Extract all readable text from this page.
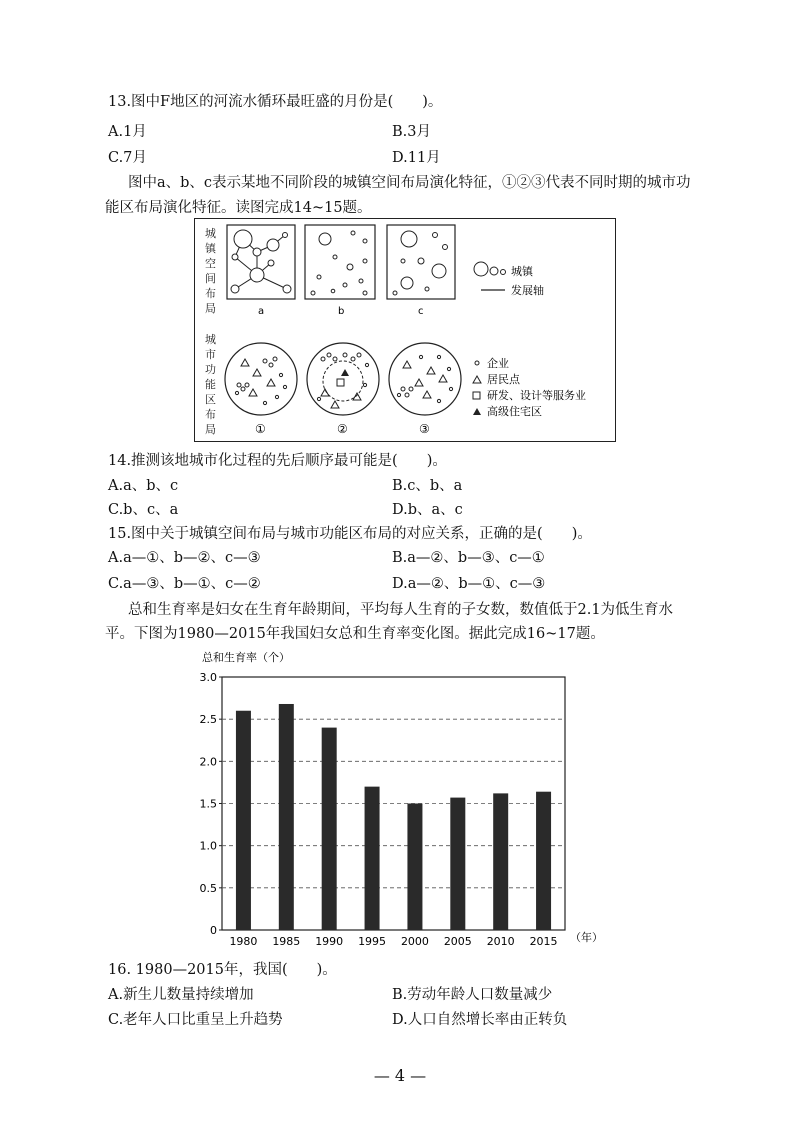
13.图中F地区的河流水循环最旺盛的月份是(　　)。
A.1月	B.3月
C.7月	D.11月
图中a、b、c表示某地不同阶段的城镇空间布局演化特征，①②③代表不同时期的城市功
能区布局演化特征。读图完成14~15题。
城
镇
空
间
布
局	a	b	c
城镇
发展轴
城
市
功
能
区
布
局	①	②	③
企业
居民点
研发、设计等服务业
高级住宅区
14.推测该地城市化过程的先后顺序最可能是(　　)。
A.a、b、c	B.c、b、a
C.b、c、a	D.b、a、c
15.图中关于城镇空间布局与城市功能区布局的对应关系，正确的是(　　)。
A.a—①、b—②、c—③	B.a—②、b—③、c—①
C.a—③、b—①、c—②	D.a—②、b—①、c—③
总和生育率是妇女在生育年龄期间，平均每人生育的子女数，数值低于2.1为低生育水
平。下图为1980—2015年我国妇女总和生育率变化图。据此完成16~17题。
总和生育率（个）
0
0.5
1.0
1.5
2.0
2.5
3.0
1980 1985 1990 1995 2000 2005 2010 2015 （年）
16. 1980—2015年，我国(　　)。
A.新生儿数量持续增加	B.劳动年龄人口数量减少
C.老年人口比重呈上升趋势	D.人口自然增长率由正转负
— 4 —
